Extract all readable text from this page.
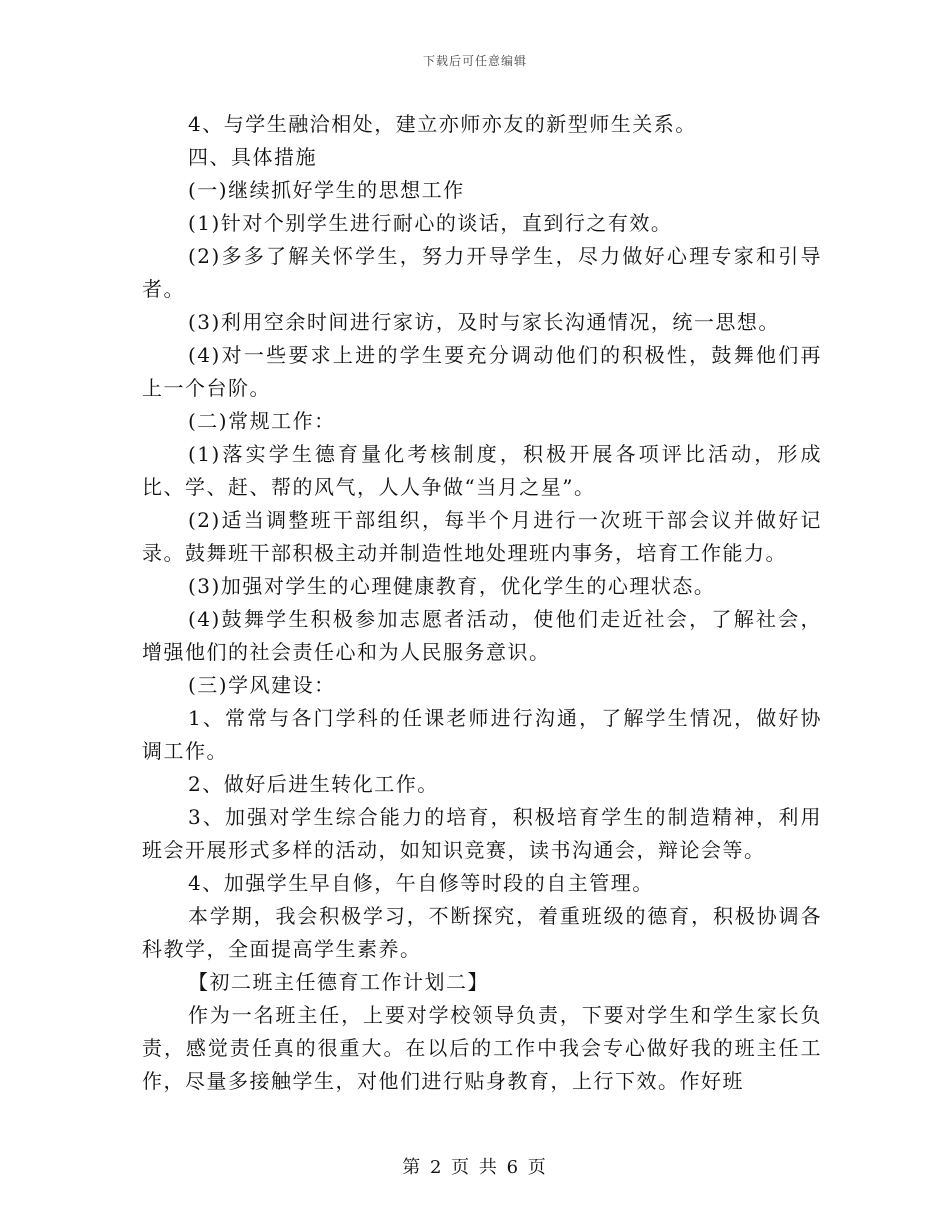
下载后可任意编辑

4、与学生融洽相处，建立亦师亦友的新型师生关系。

四、具体措施

(一)继续抓好学生的思想工作

(1)针对个别学生进行耐心的谈话，直到行之有效。

(2)多多了解关怀学生，努力开导学生，尽力做好心理专家和引导者。

(3)利用空余时间进行家访，及时与家长沟通情况，统一思想。

(4)对一些要求上进的学生要充分调动他们的积极性，鼓舞他们再上一个台阶。

(二)常规工作：

(1)落实学生德育量化考核制度，积极开展各项评比活动，形成比、学、赶、帮的风气，人人争做“当月之星”。

(2)适当调整班干部组织，每半个月进行一次班干部会议并做好记录。鼓舞班干部积极主动并制造性地处理班内事务，培育工作能力。

(3)加强对学生的心理健康教育，优化学生的心理状态。

(4)鼓舞学生积极参加志愿者活动，使他们走近社会，了解社会，增强他们的社会责任心和为人民服务意识。

(三)学风建设：

1、常常与各门学科的任课老师进行沟通，了解学生情况，做好协调工作。

2、做好后进生转化工作。

3、加强对学生综合能力的培育，积极培育学生的制造精神，利用班会开展形式多样的活动，如知识竞赛，读书沟通会，辩论会等。

4、加强学生早自修，午自修等时段的自主管理。

本学期，我会积极学习，不断探究，着重班级的德育，积极协调各科教学，全面提高学生素养。

【初二班主任德育工作计划二】

作为一名班主任，上要对学校领导负责，下要对学生和学生家长负责，感觉责任真的很重大。在以后的工作中我会专心做好我的班主任工作，尽量多接触学生，对他们进行贴身教育，上行下效。作好班

第 2 页 共 6 页
